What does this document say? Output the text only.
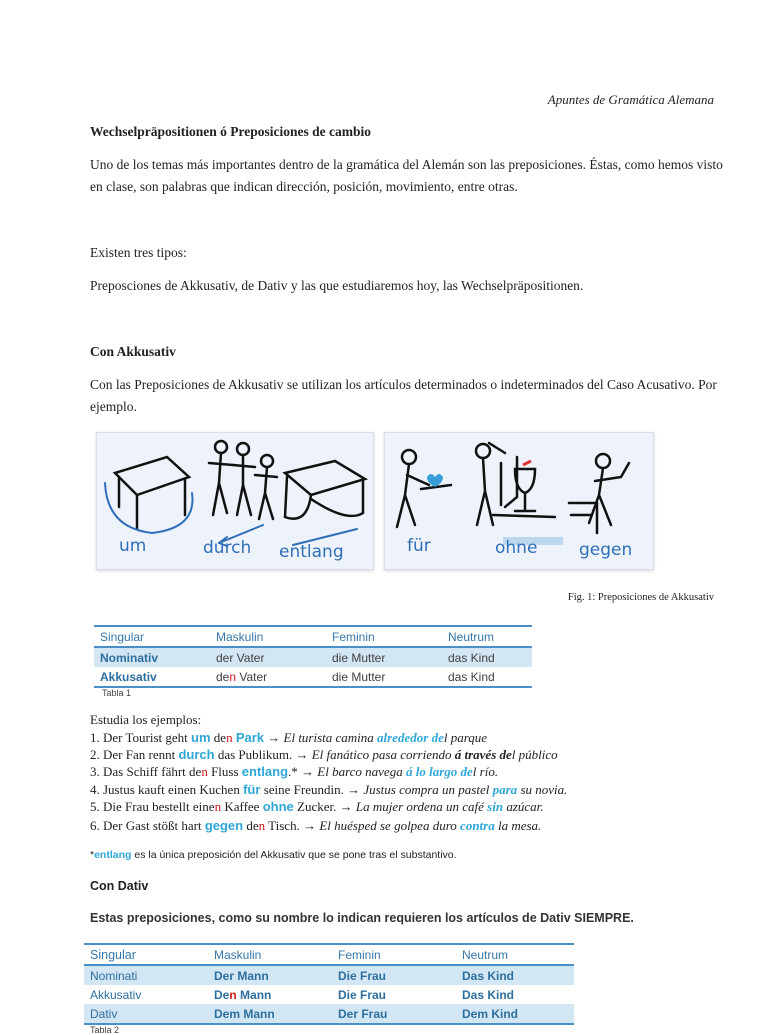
Apuntes de Gramática Alemana
Wechselpräpositionen ó Preposiciones de cambio
Uno de los temas más importantes dentro de la gramática del Alemán son las preposiciones. Éstas, como hemos visto en clase, son palabras que indican dirección, posición, movimiento, entre otras.
Existen tres tipos:
Preposciones de Akkusativ, de Dativ y las que estudiaremos hoy, las Wechselpräpositionen.
Con Akkusativ
Con las Preposiciones de Akkusativ se utilizan los artículos determinados o indeterminados del Caso Acusativo. Por ejemplo.
um	durch entlang	für	ohne gegen
Fig. 1: Preposiciones de Akkusativ
Singular	Maskulin	Feminin	Neutrum
Nominativ	der Vater	die Mutter	das Kind
Akkusativ	den Vater	die Mutter	das Kind
Tabla 1
Estudia los ejemplos:
1. Der Tourist geht um den Park → El turista camina alrededor del parque
2. Der Fan rennt durch das Publikum. → El fanático pasa corriendo á través del público
3. Das Schiff fährt den Fluss entlang.* → El barco navega á lo largo del río.
4. Justus kauft einen Kuchen für seine Freundin. → Justus compra un pastel para su novia.
5. Die Frau bestellt einen Kaffee ohne Zucker. → La mujer ordena un café sin azúcar.
6. Der Gast stößt hart gegen den Tisch. → El huésped se golpea duro contra la mesa.
*entlang es la única preposición del Akkusativ que se pone tras el substantivo.
Con Dativ
Estas preposiciones, como su nombre lo indican requieren los artículos de Dativ SIEMPRE.
Singular	Maskulin	Feminin	Neutrum
Nominati	Der Mann	Die Frau	Das Kind
Akkusativ	Den Mann	Die Frau	Das Kind
Dativ	Dem Mann	Der Frau	Dem Kind
Tabla 2
